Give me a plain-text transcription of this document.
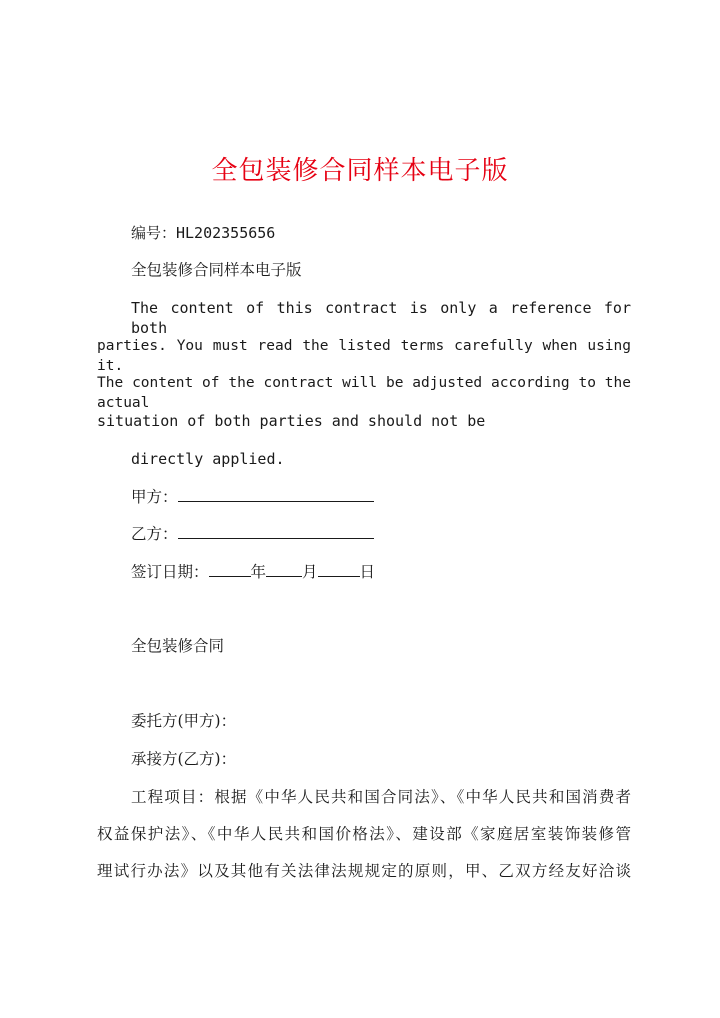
全包装修合同样本电子版
编号：HL202355656
全包装修合同样本电子版
The content of this contract is only a reference for both
parties. You must read the listed terms carefully when using it.
The content of the contract will be adjusted according to the actual
situation of both parties and should not be
directly applied.
甲方：
乙方：
签订日期：	年 月	日
全包装修合同
委托方(甲方)：
承接方(乙方)：
工程项目：根据《中华人民共和国合同法》、《中华人民共和国消费者
权益保护法》、《中华人民共和国价格法》、建设部《家庭居室装饰装修管
理试行办法》以及其他有关法律法规规定的原则，甲、乙双方经友好洽谈
